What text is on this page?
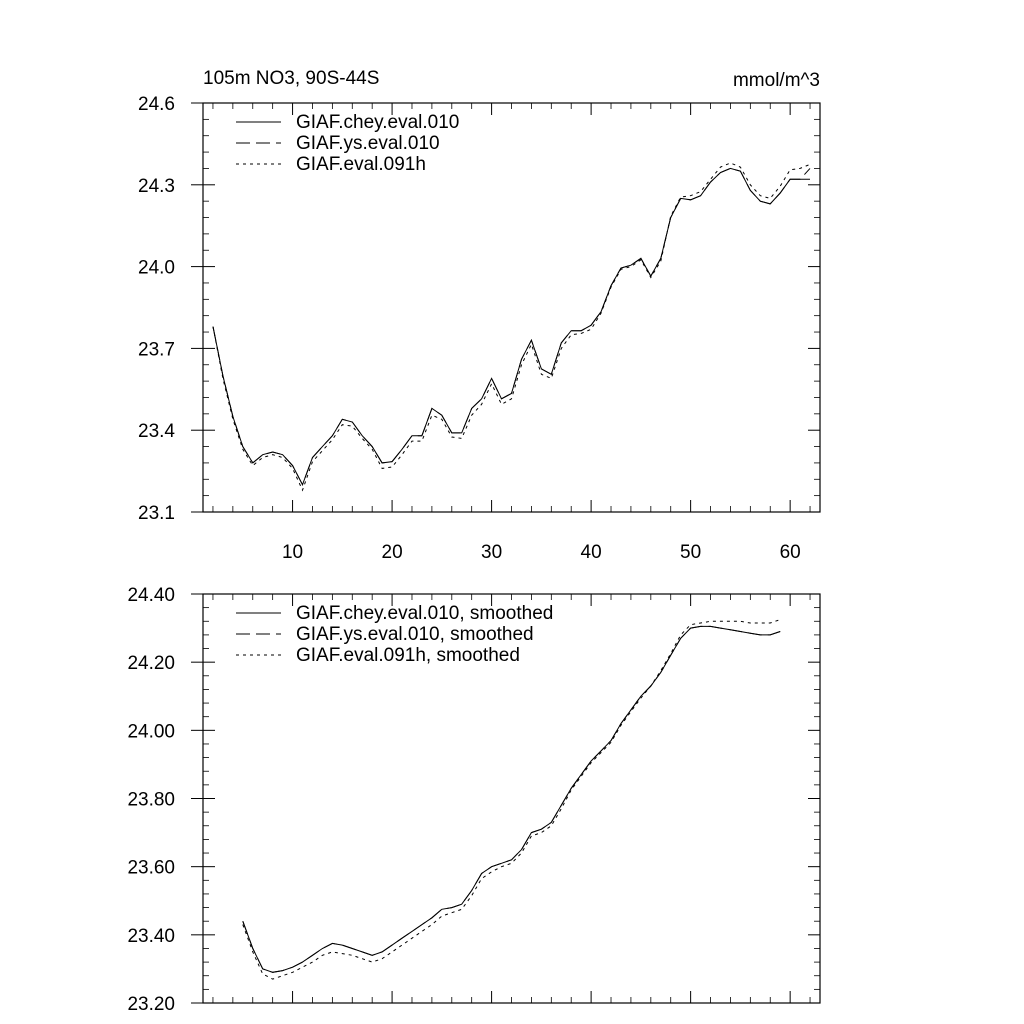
105m NO3, 90S-44S	mmol/m^3
10	20	30	40	50	60
23.1
23.4
23.7
24.0
24.3
24.6
GIAF.chey.eval.010
GIAF.ys.eval.010
GIAF.eval.091h
23.20
23.40
23.60
23.80
24.00
24.20
24.40
GIAF.chey.eval.010, smoothed
GIAF.ys.eval.010, smoothed
GIAF.eval.091h, smoothed
